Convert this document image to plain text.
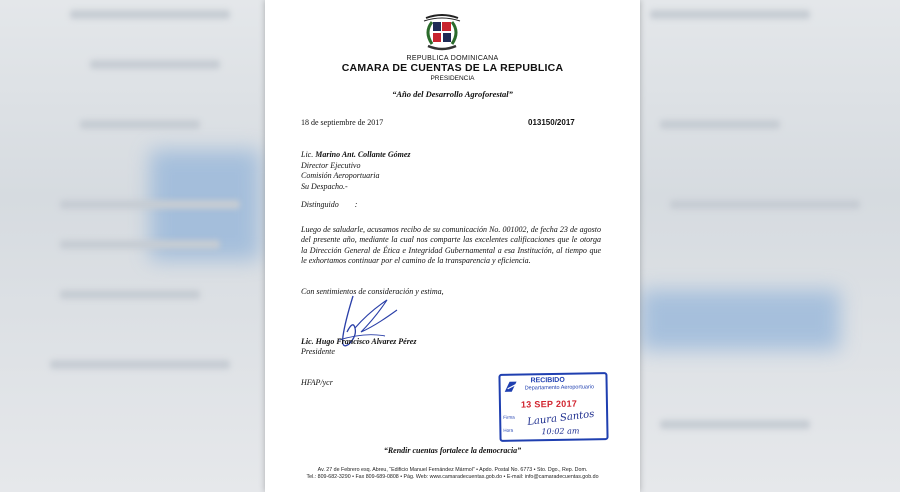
REPUBLICA DOMINICANA
CAMARA DE CUENTAS DE LA REPUBLICA
PRESIDENCIA
“Año del Desarrollo Agroforestal”
18 de septiembre de 2017	013150/2017
Lic. Marino Ant. Collante Gómez
Director Ejecutivo
Comisión Aeroportuaria
Su Despacho.-
Distinguido        :
Luego de saludarle, acusamos recibo de su comunicación No. 001002, de fecha 23 de agosto del presente año, mediante la cual nos comparte las excelentes calificaciones que le otorga la Dirección General de Ética e Integridad Gubernamental a esa Institución, al tiempo que le exhortamos continuar por el camino de la transparencia y eficiencia.
Con sentimientos de consideración y estima,
Lic. Hugo Francisco Alvarez Pérez
Presidente
HFAP/ycr	RECIBIDO
Departamento Aeroportuario
13 SEP 2017
Firma
Hora
Laura Santos
10:02 am
“Rendir cuentas fortalece la democracia”
Av. 27 de Febrero esq. Abreu, “Edificio Manuel Fernández Mármol” • Apdo. Postal No. 6773 • Sto. Dgo., Rep. Dom.
Tel.: 809-682-3290 • Fax 809-689-0808 • Pág. Web: www.camaradecuentas.gob.do • E-mail: info@camaradecuentas.gob.do
